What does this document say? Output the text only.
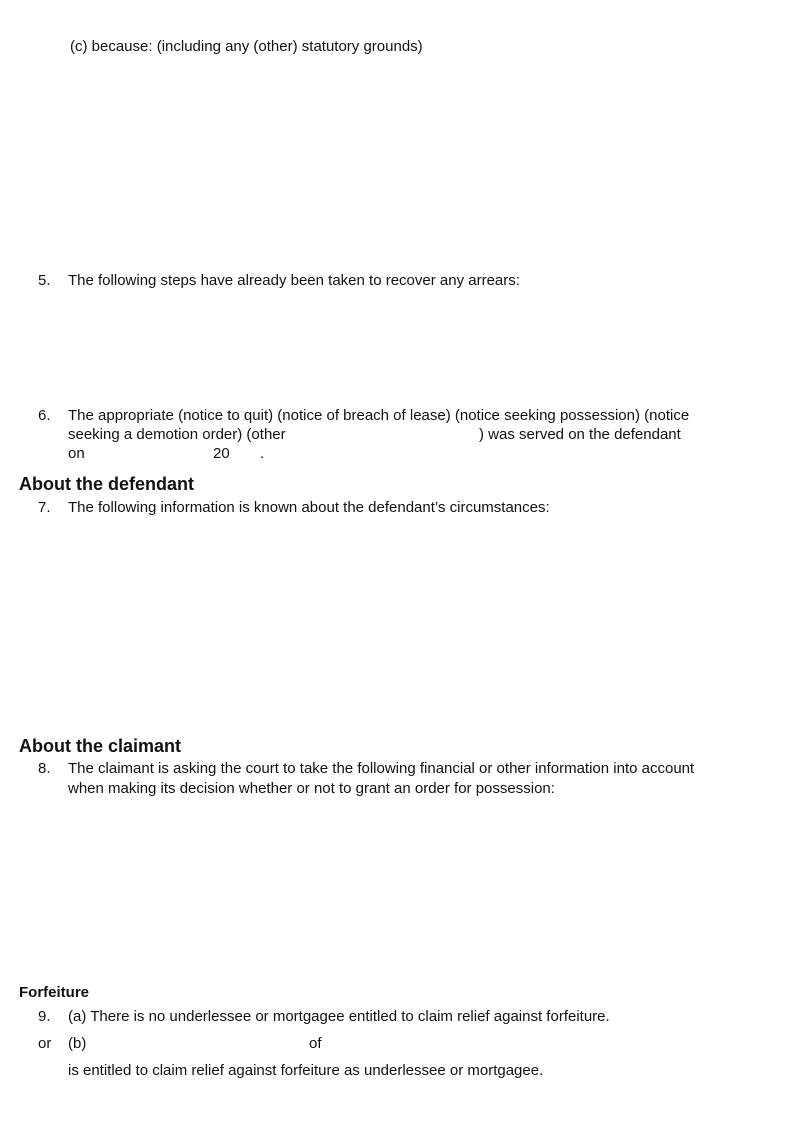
(c) because: (including any (other) statutory grounds)
5. The following steps have already been taken to recover any arrears:
6. The appropriate (notice to quit) (notice of breach of lease) (notice seeking possession) (notice
seeking a demotion order) (other	) was served on the defendant
on	20 .
About the defendant
7. The following information is known about the defendant’s circumstances:
About the claimant
8. The claimant is asking the court to take the following financial or other information into account
when making its decision whether or not to grant an order for possession:
Forfeiture
9. (a) There is no underlessee or mortgagee entitled to claim relief against forfeiture.
or (b)	of
is entitled to claim relief against forfeiture as underlessee or mortgagee.
